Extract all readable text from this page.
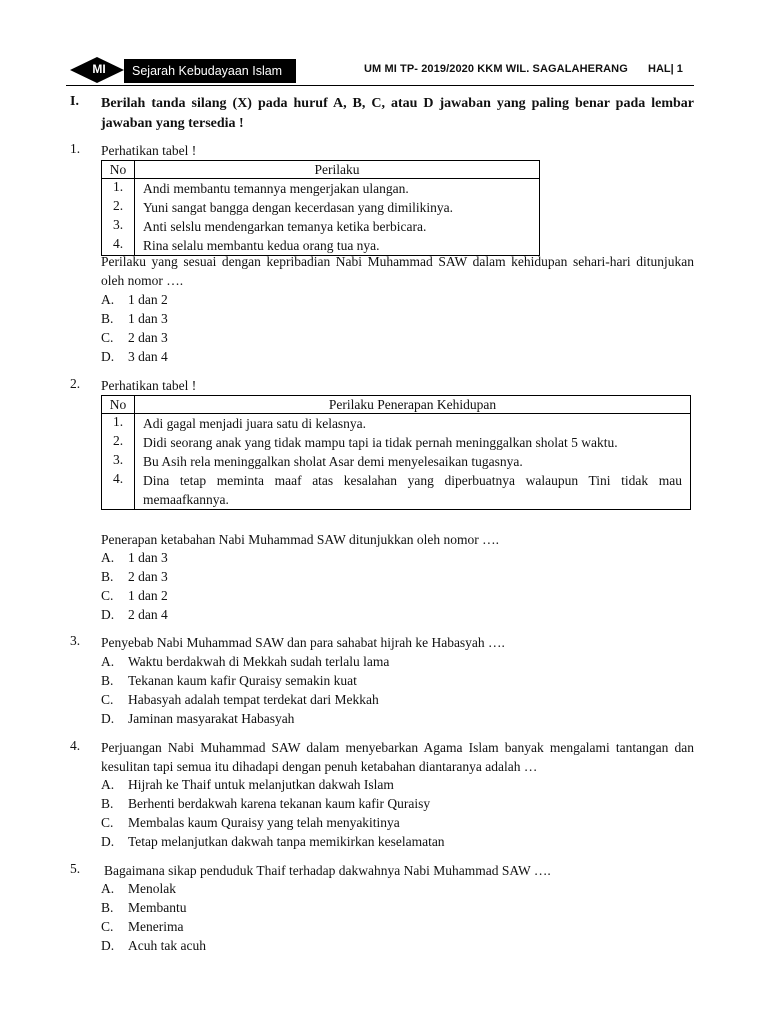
MI	Sejarah Kebudayaan Islam	UM MI TP- 2019/2020 KKM WIL. SAGALAHERANG HAL| 1
I. Berilah tanda silang (X) pada huruf A, B, C, atau D jawaban yang paling benar pada lembar jawaban yang tersedia !
1. Perhatikan tabel !
No	Perilaku
1.	Andi membantu temannya mengerjakan ulangan.
2.	Yuni sangat bangga dengan kecerdasan yang dimilikinya.
3.	Anti selslu mendengarkan temanya ketika berbicara.
4.	Rina selalu membantu kedua orang tua nya.
Perilaku yang sesuai dengan kepribadian Nabi Muhammad SAW dalam kehidupan sehari-hari ditunjukan oleh nomor ….
A. 1 dan 2
B. 1 dan 3
C. 2 dan 3
D. 3 dan 4
2. Perhatikan tabel !
No	Perilaku Penerapan Kehidupan
1.	Adi gagal menjadi juara satu di kelasnya.
2.	Didi seorang anak yang tidak mampu tapi ia tidak pernah meninggalkan sholat 5 waktu.
3.	Bu Asih rela meninggalkan sholat Asar demi menyelesaikan tugasnya.
4.	Dina tetap meminta maaf atas kesalahan yang diperbuatnya walaupun Tini tidak mau memaafkannya.
Penerapan ketabahan Nabi Muhammad SAW ditunjukkan oleh nomor ….
A. 1 dan 3
B. 2 dan 3
C. 1 dan 2
D. 2 dan 4
3. Penyebab Nabi Muhammad SAW dan para sahabat hijrah ke Habasyah ….
A. Waktu berdakwah di Mekkah sudah terlalu lama
B. Tekanan kaum kafir Quraisy semakin kuat
C. Habasyah adalah tempat terdekat dari Mekkah
D. Jaminan masyarakat Habasyah
4. Perjuangan Nabi Muhammad SAW dalam menyebarkan Agama Islam banyak mengalami tantangan dan kesulitan tapi semua itu dihadapi dengan penuh ketabahan diantaranya adalah …
A. Hijrah ke Thaif untuk melanjutkan dakwah Islam
B. Berhenti berdakwah karena tekanan kaum kafir Quraisy
C. Membalas kaum Quraisy yang telah menyakitinya
D. Tetap melanjutkan dakwah tanpa memikirkan keselamatan
5. Bagaimana sikap penduduk Thaif terhadap dakwahnya Nabi Muhammad SAW ….
A. Menolak
B. Membantu
C. Menerima
D. Acuh tak acuh
